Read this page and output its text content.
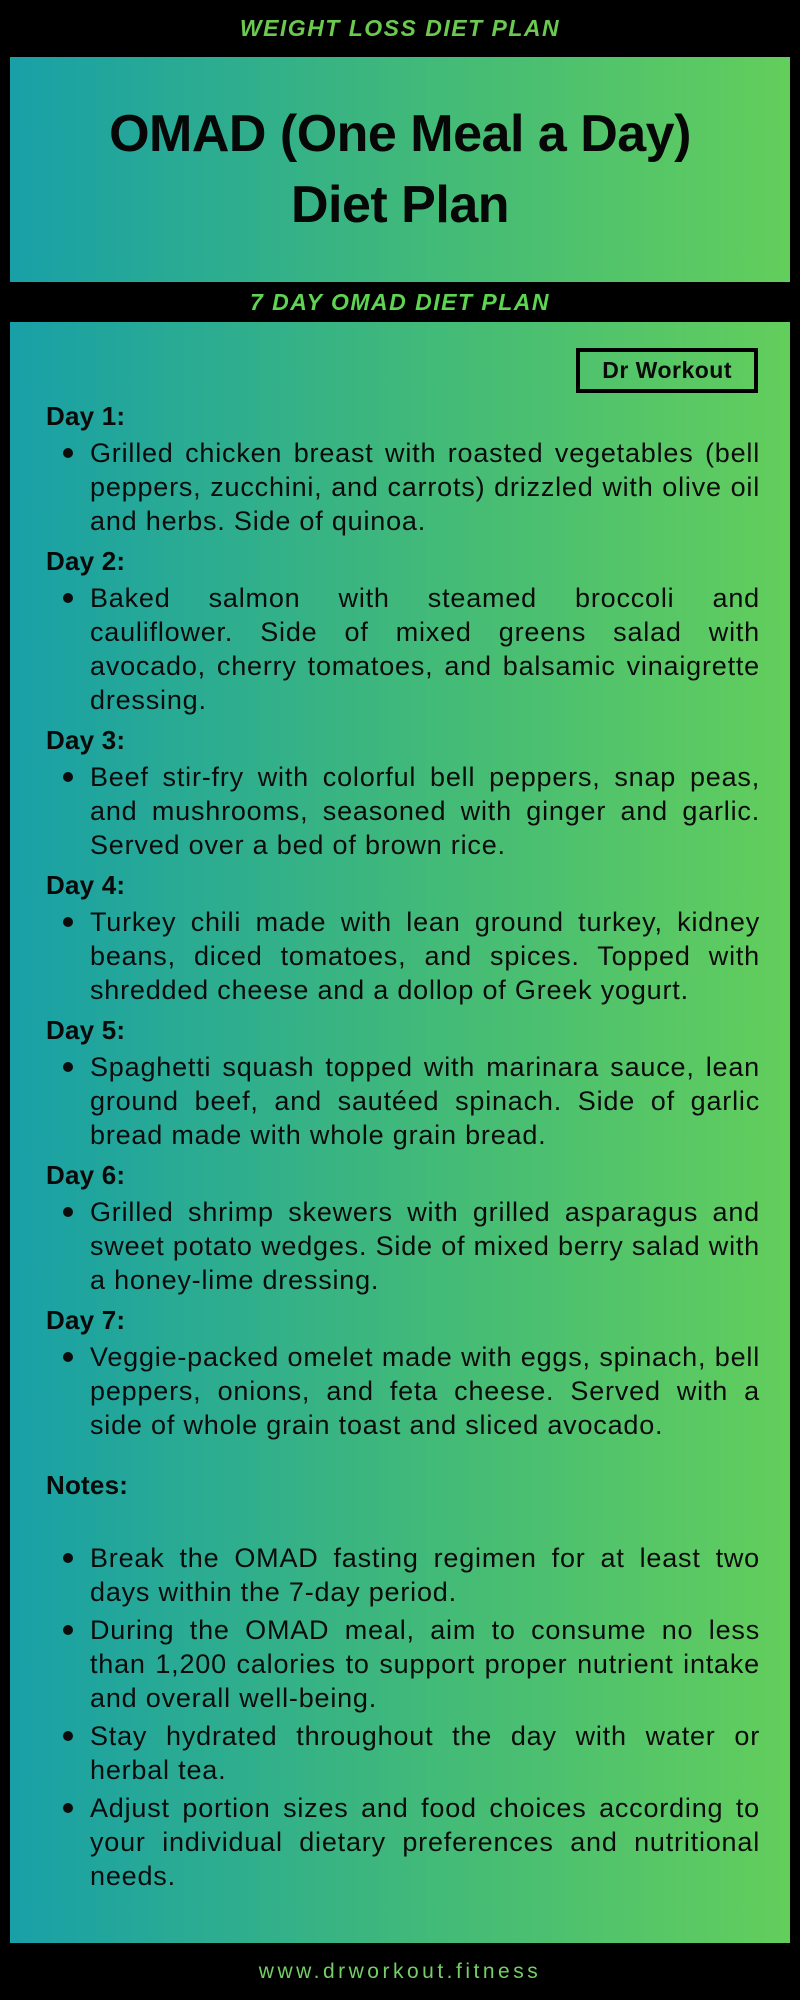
WEIGHT LOSS DIET PLAN
OMAD (One Meal a Day)
Diet Plan
7 DAY OMAD DIET PLAN
Dr Workout
Day 1:
Grilled chicken breast with roasted vegetables (bell peppers, zucchini, and carrots) drizzled with olive oil and herbs. Side of quinoa.
Day 2:
Baked salmon with steamed broccoli and cauliflower. Side of mixed greens salad with avocado, cherry tomatoes, and balsamic vinaigrette dressing.
Day 3:
Beef stir-fry with colorful bell peppers, snap peas, and mushrooms, seasoned with ginger and garlic. Served over a bed of brown rice.
Day 4:
Turkey chili made with lean ground turkey, kidney beans, diced tomatoes, and spices. Topped with shredded cheese and a dollop of Greek yogurt.
Day 5:
Spaghetti squash topped with marinara sauce, lean ground beef, and sautéed spinach. Side of garlic bread made with whole grain bread.
Day 6:
Grilled shrimp skewers with grilled asparagus and sweet potato wedges. Side of mixed berry salad with a honey-lime dressing.
Day 7:
Veggie-packed omelet made with eggs, spinach, bell peppers, onions, and feta cheese. Served with a side of whole grain toast and sliced avocado.
Notes:
Break the OMAD fasting regimen for at least two days within the 7-day period.
During the OMAD meal, aim to consume no less than 1,200 calories to support proper nutrient intake and overall well-being.
Stay hydrated throughout the day with water or herbal tea.
Adjust portion sizes and food choices according to your individual dietary preferences and nutritional needs.
www.drworkout.fitness
